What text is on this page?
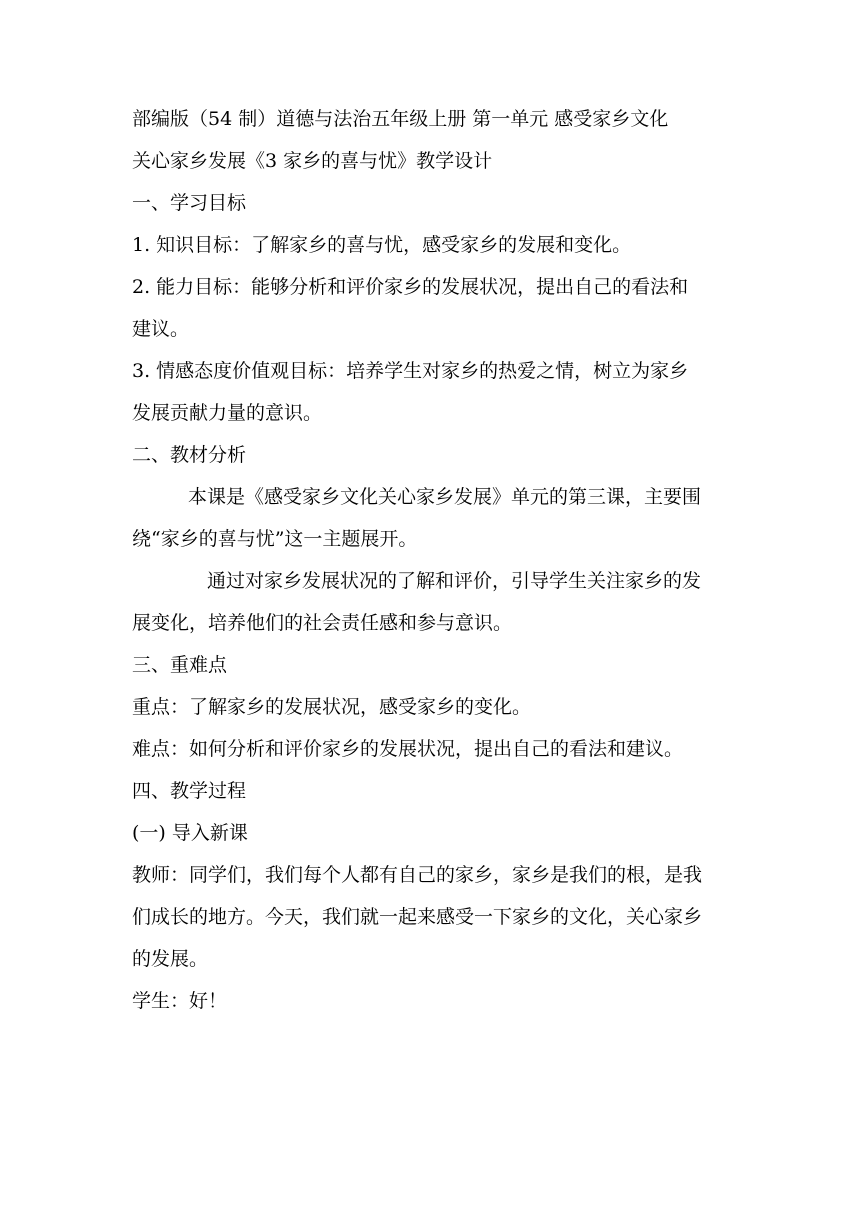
部编版（54 制）道德与法治五年级上册 第一单元 感受家乡文化

关心家乡发展《3 家乡的喜与忧》教学设计

一、学习目标

1. 知识目标：了解家乡的喜与忧，感受家乡的发展和变化。

2. 能力目标：能够分析和评价家乡的发展状况，提出自己的看法和

建议。

3. 情感态度价值观目标：培养学生对家乡的热爱之情，树立为家乡

发展贡献力量的意识。

二、教材分析

本课是《感受家乡文化关心家乡发展》单元的第三课，主要围

绕“家乡的喜与忧”这一主题展开。

通过对家乡发展状况的了解和评价，引导学生关注家乡的发

展变化，培养他们的社会责任感和参与意识。

三、重难点

重点：了解家乡的发展状况，感受家乡的变化。

难点：如何分析和评价家乡的发展状况，提出自己的看法和建议。

四、教学过程

(一) 导入新课

教师：同学们，我们每个人都有自己的家乡，家乡是我们的根，是我

们成长的地方。今天，我们就一起来感受一下家乡的文化，关心家乡

的发展。

学生：好！
